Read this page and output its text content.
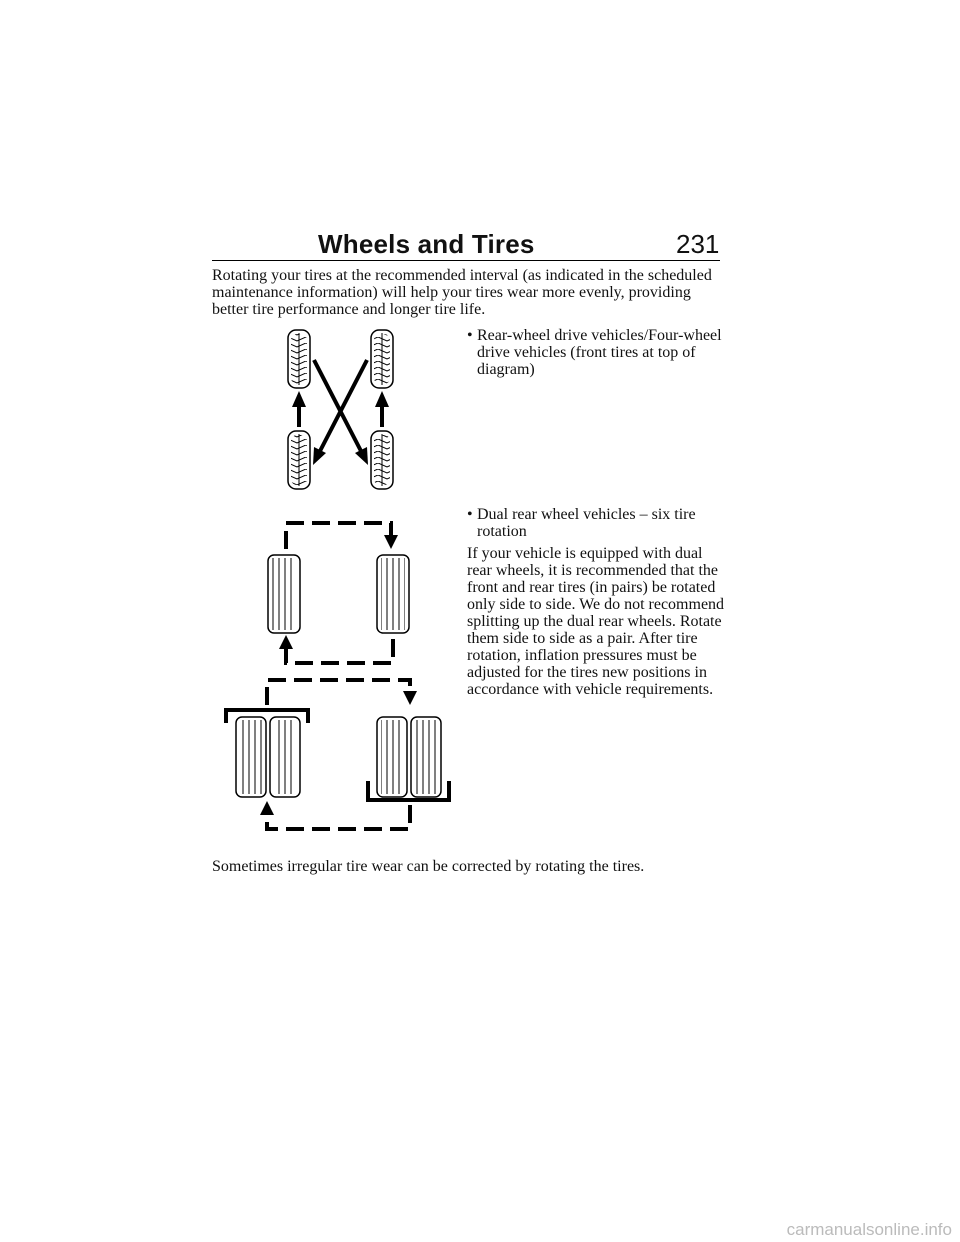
Wheels and Tires	231
Rotating your tires at the recommended interval (as indicated in the scheduled maintenance information) will help your tires wear more evenly, providing better tire performance and longer tire life.
• Rear-wheel drive vehicles/Four-wheel drive vehicles (front tires at top of diagram)
• Dual rear wheel vehicles – six tire rotation
If your vehicle is equipped with dual rear wheels, it is recommended that the front and rear tires (in pairs) be rotated only side to side. We do not recommend splitting up the dual rear wheels. Rotate them side to side as a pair. After tire rotation, inflation pressures must be adjusted for the tires new positions in accordance with vehicle requirements.
Sometimes irregular tire wear can be corrected by rotating the tires.
carmanualsonline.info
